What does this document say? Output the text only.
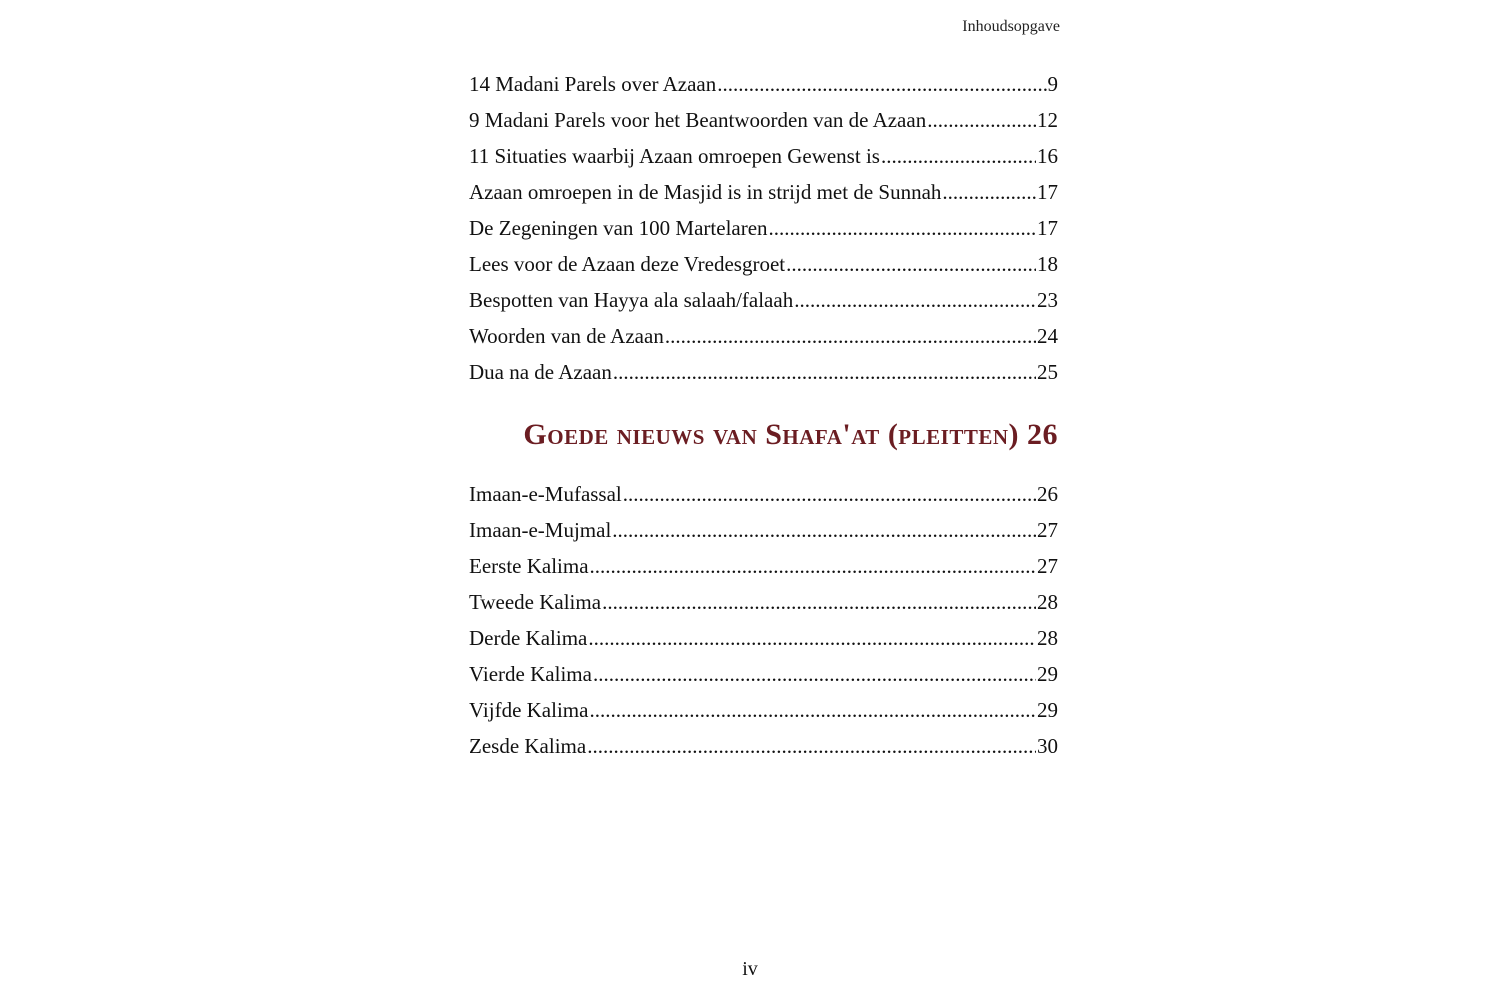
Inhoudsopgave
14 Madani Parels over Azaan .....	9
9 Madani Parels voor het Beantwoorden van de Azaan .....	12
11 Situaties waarbij Azaan omroepen Gewenst is .....	16
Azaan omroepen in de Masjid is in strijd met de Sunnah .....	17
De Zegeningen van 100 Martelaren .....	17
Lees voor de Azaan deze Vredesgroet .....	18
Bespotten van Hayya ala salaah/falaah .....	23
Woorden van de Azaan .....	24
Dua na de Azaan .....	25
Goede nieuws van Shafa'at (pleitten) 26
Imaan-e-Mufassal .....	26
Imaan-e-Mujmal .....	27
Eerste Kalima .....	27
Tweede Kalima .....	28
Derde Kalima .....	28
Vierde Kalima .....	29
Vijfde Kalima .....	29
Zesde Kalima .....	30
iv
